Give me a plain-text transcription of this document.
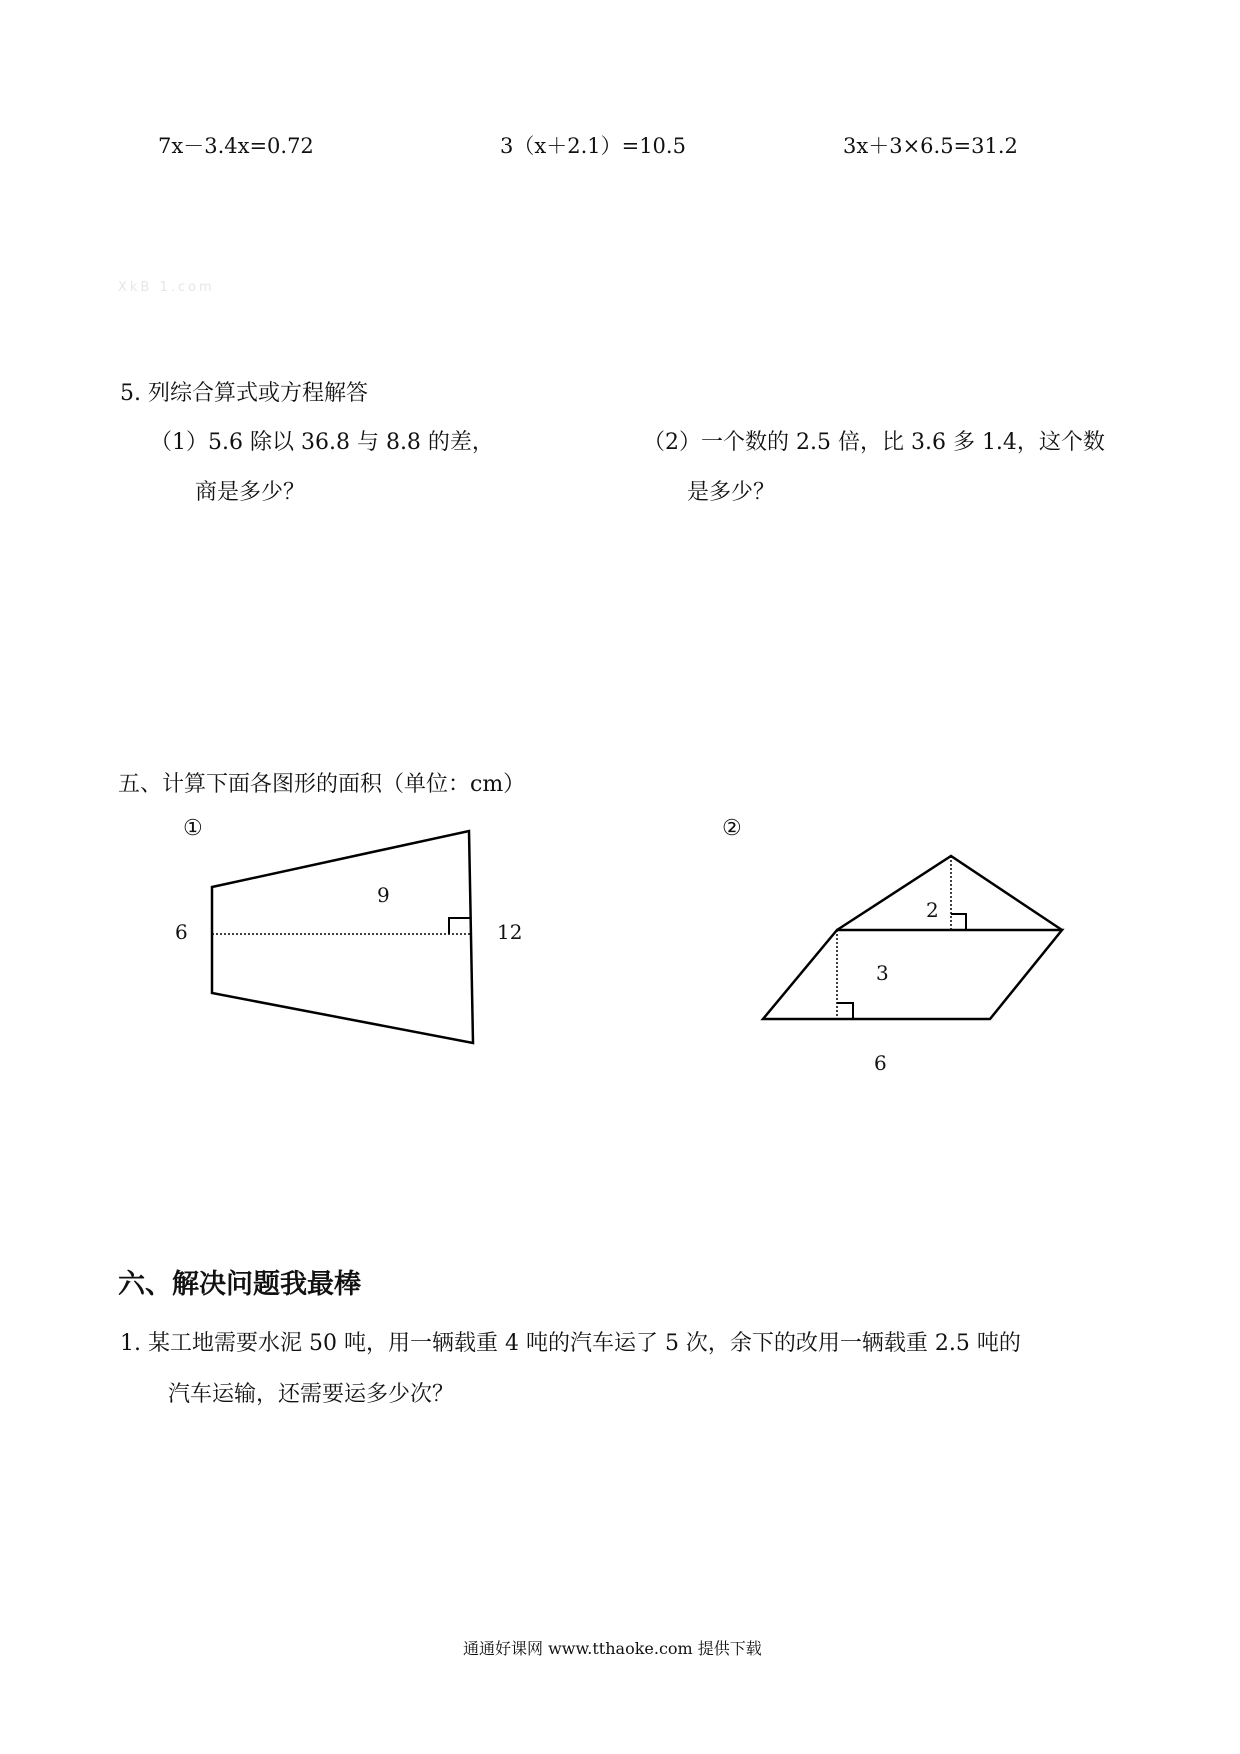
7x－3.4x=0.72	3（x＋2.1）=10.5	3x＋3×6.5=31.2
XkB 1.com
5. 列综合算式或方程解答
（1）5.6 除以 36.8 与 8.8 的差，
商是多少？
（2）一个数的 2.5 倍，比 3.6 多 1.4，这个数
是多少？
五、计算下面各图形的面积（单位：cm）
①
6
9
12
②
2
3
6
六、解决问题我最棒
1. 某工地需要水泥 50 吨，用一辆载重 4 吨的汽车运了 5 次，余下的改用一辆载重 2.5 吨的
汽车运输，还需要运多少次？
通通好课网 www.tthaoke.com 提供下载
